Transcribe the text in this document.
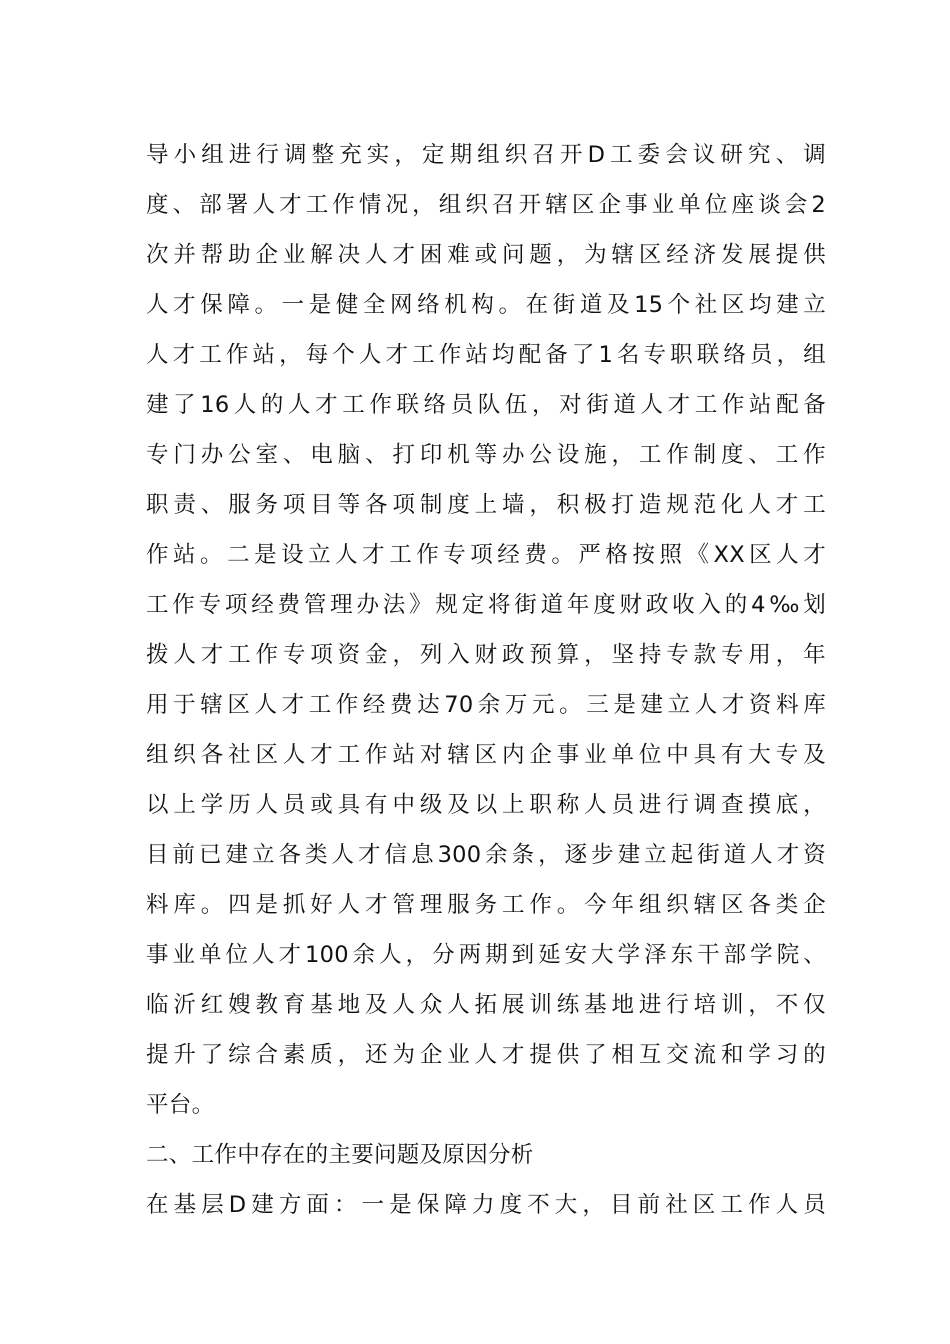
导小组进行调整充实，定期组织召开D工委会议研究、调
度、部署人才工作情况，组织召开辖区企事业单位座谈会2
次并帮助企业解决人才困难或问题，为辖区经济发展提供
人才保障。一是健全网络机构。在街道及15个社区均建立
人才工作站，每个人才工作站均配备了1名专职联络员，组
建了16人的人才工作联络员队伍，对街道人才工作站配备
专门办公室、电脑、打印机等办公设施，工作制度、工作
职责、服务项目等各项制度上墙，积极打造规范化人才工
作站。二是设立人才工作专项经费。严格按照《XX区人才
工作专项经费管理办法》规定将街道年度财政收入的4‰划
拨人才工作专项资金，列入财政预算，坚持专款专用，年
用于辖区人才工作经费达70余万元。三是建立人才资料库
组织各社区人才工作站对辖区内企事业单位中具有大专及
以上学历人员或具有中级及以上职称人员进行调查摸底，
目前已建立各类人才信息300余条，逐步建立起街道人才资
料库。四是抓好人才管理服务工作。今年组织辖区各类企
事业单位人才100余人，分两期到延安大学泽东干部学院、
临沂红嫂教育基地及人众人拓展训练基地进行培训，不仅
提升了综合素质，还为企业人才提供了相互交流和学习的
平台。
二、工作中存在的主要问题及原因分析
在基层D建方面：一是保障力度不大，目前社区工作人员
